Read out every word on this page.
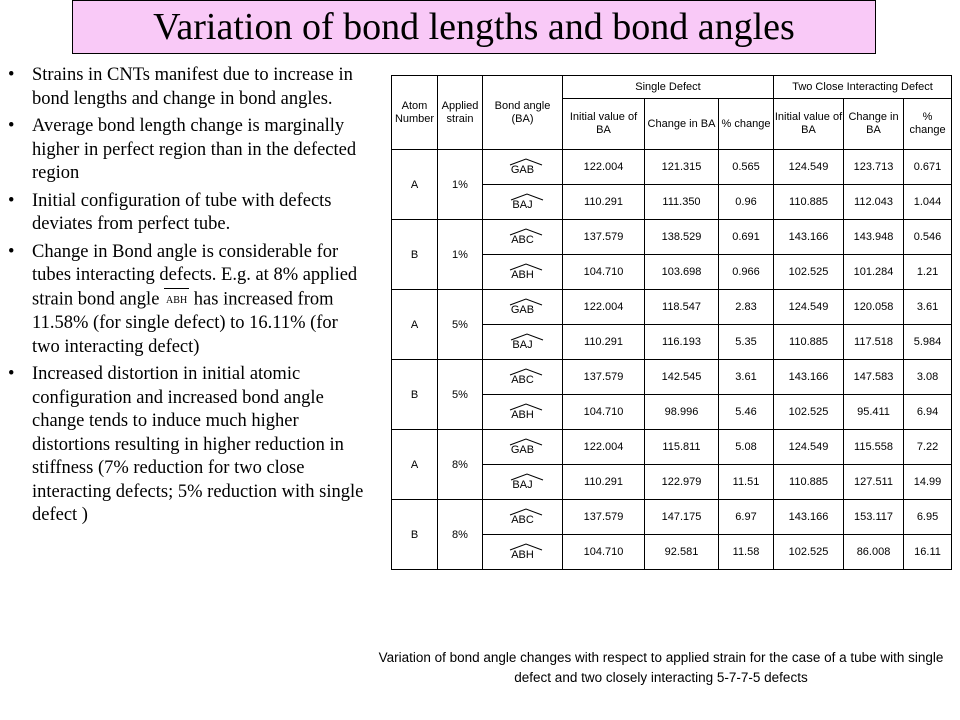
Variation of bond lengths and bond angles
• Strains in CNTs manifest due to increase in bond lengths and change in bond angles.
• Average bond length change is marginally higher in perfect region than in the defected region
• Initial configuration of tube with defects deviates from perfect tube.
• Change in Bond angle is considerable for tubes interacting defects. E.g. at 8% applied strain bond angle ABH has increased from 11.58% (for single defect) to 16.11% (for two interacting defect)
• Increased distortion in initial atomic configuration and increased bond angle change tends to induce much higher distortions resulting in higher reduction in stiffness (7% reduction for two close interacting defects; 5% reduction with single defect )
Atom Number	Applied strain	Bond angle (BA)	Single Defect			Two Close Interacting Defect		
			Initial value of BA	Change in BA	% change	Initial value of BA	Change in BA	% change
A	1%	GAB	122.004	121.315	0.565	124.549	123.713	0.671

BAJ	110.291	111.350	0.96	110.885	112.043	1.044
B	1%	ABC	137.579	138.529	0.691	143.166	143.948	0.546

ABH	104.710	103.698	0.966	102.525	101.284	1.21
A	5%	GAB	122.004	118.547	2.83	124.549	120.058	3.61

BAJ	110.291	116.193	5.35	110.885	117.518	5.984
B	5%	ABC	137.579	142.545	3.61	143.166	147.583	3.08

ABH	104.710	98.996	5.46	102.525	95.411	6.94
A	8%	GAB	122.004	115.811	5.08	124.549	115.558	7.22

BAJ	110.291	122.979	11.51	110.885	127.511	14.99
B	8%	ABC	137.579	147.175	6.97	143.166	153.117	6.95

ABH	104.710	92.581	11.58	102.525	86.008	16.11
Variation of bond angle changes with respect to applied strain for the case of a tube with single defect and two closely interacting 5-7-7-5 defects
